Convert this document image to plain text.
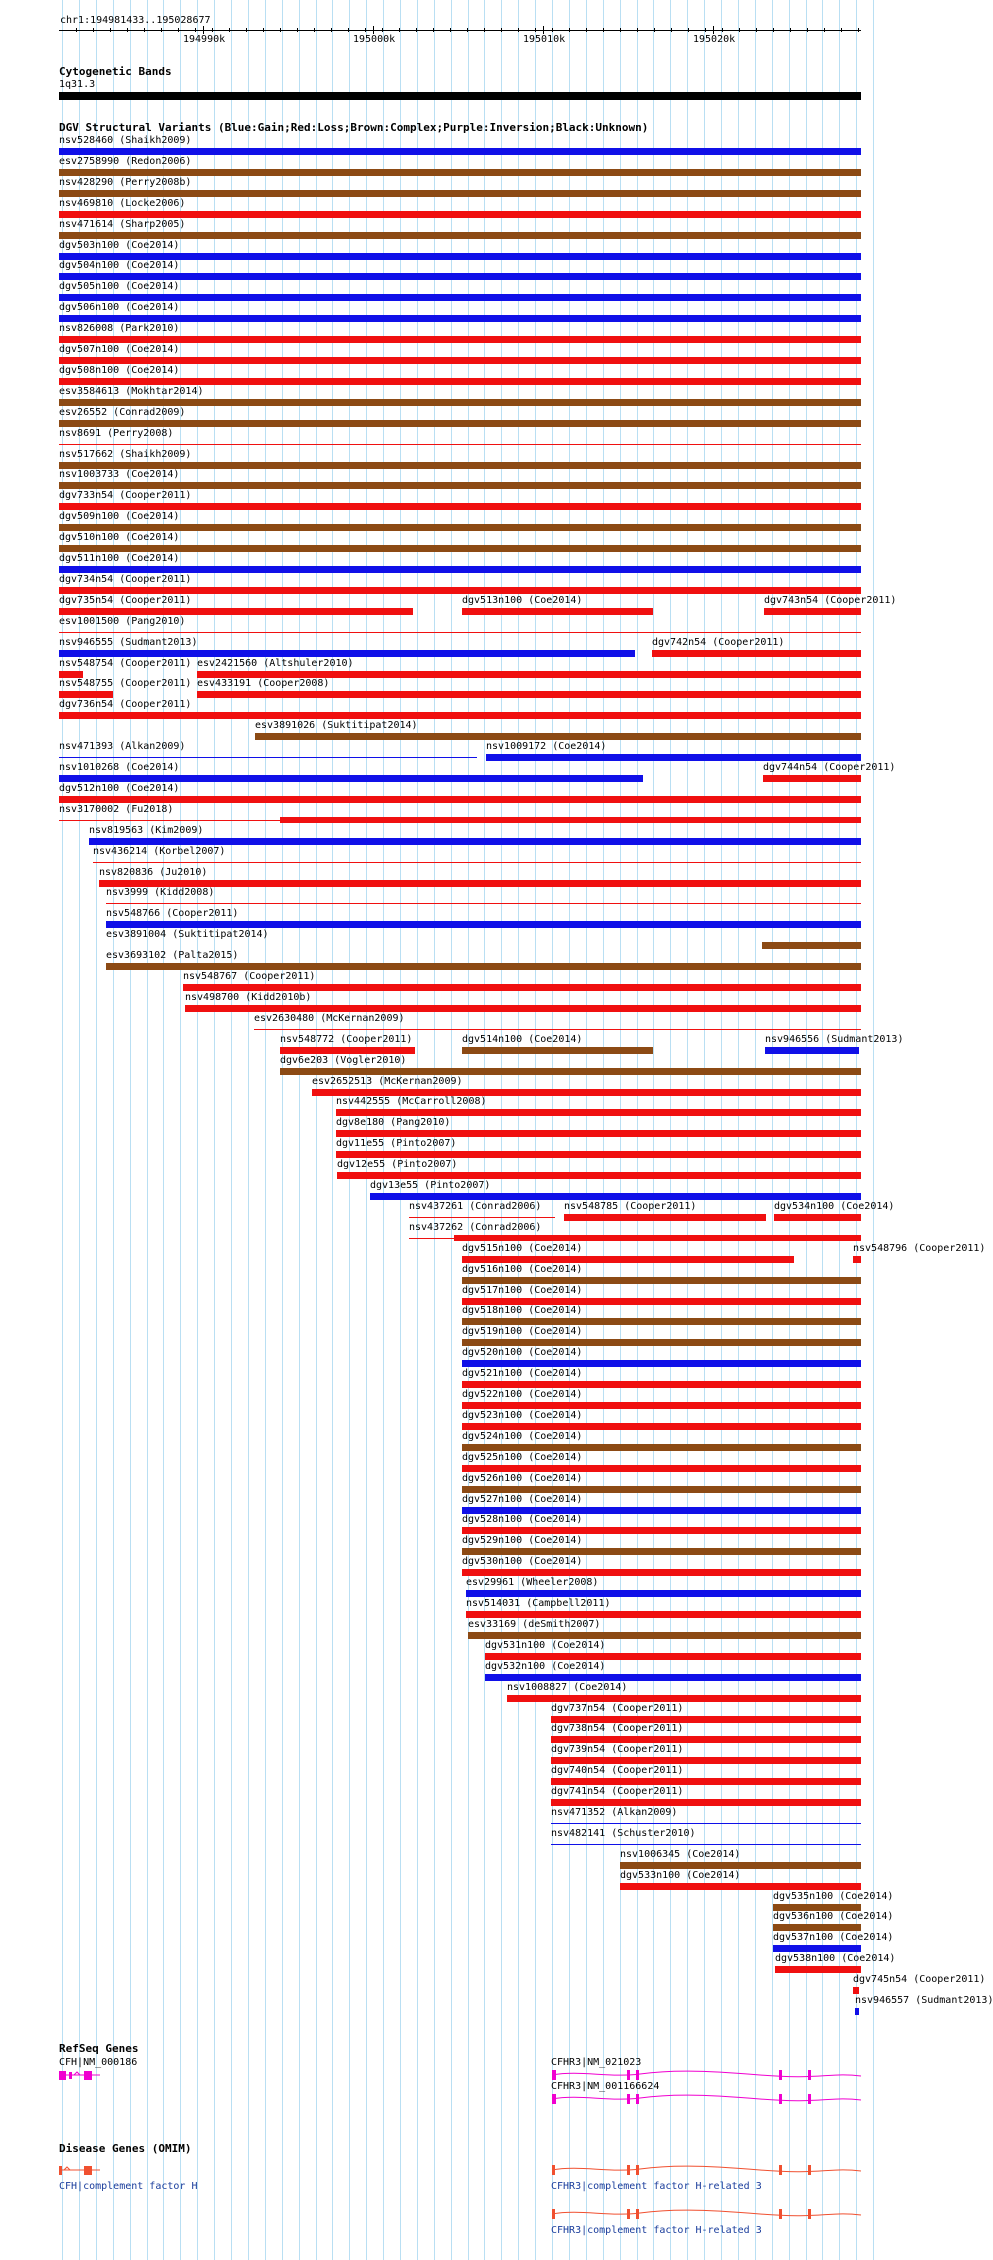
chr1:194981433..195028677
194990k	195000k	195010k	195020k
Cytogenetic Bands
1q31.3
DGV Structural Variants (Blue:Gain;Red:Loss;Brown:Complex;Purple:Inversion;Black:Unknown)
nsv528460 (Shaikh2009)
esv2758990 (Redon2006)
nsv428290 (Perry2008b)
nsv469810 (Locke2006)
nsv471614 (Sharp2005)
dgv503n100 (Coe2014)
dgv504n100 (Coe2014)
dgv505n100 (Coe2014)
dgv506n100 (Coe2014)
nsv826008 (Park2010)
dgv507n100 (Coe2014)
dgv508n100 (Coe2014)
esv3584613 (Mokhtar2014)
esv26552 (Conrad2009)
nsv8691 (Perry2008)
nsv517662 (Shaikh2009)
nsv1003733 (Coe2014)
dgv733n54 (Cooper2011)
dgv509n100 (Coe2014)
dgv510n100 (Coe2014)
dgv511n100 (Coe2014)
dgv734n54 (Cooper2011)
dgv735n54 (Cooper2011)	dgv513n100 (Coe2014)	dgv743n54 (Cooper2011)
esv1001500 (Pang2010)
nsv946555 (Sudmant2013)	dgv742n54 (Cooper2011)
nsv548754 (Cooper2011) esv2421560 (Altshuler2010)
nsv548755 (Cooper2011) esv433191 (Cooper2008)
dgv736n54 (Cooper2011)
esv3891026 (Suktitipat2014)
nsv471393 (Alkan2009)	nsv1009172 (Coe2014)
nsv1010268 (Coe2014)	dgv744n54 (Cooper2011)
dgv512n100 (Coe2014)
nsv3170002 (Fu2018)
nsv819563 (Kim2009)
nsv436214 (Korbel2007)
nsv820836 (Ju2010)
nsv3999 (Kidd2008)
nsv548766 (Cooper2011)
esv3891004 (Suktitipat2014)
esv3693102 (Palta2015)
nsv548767 (Cooper2011)
nsv498700 (Kidd2010b)
esv2630480 (McKernan2009)
nsv548772 (Cooper2011)	dgv514n100 (Coe2014)	nsv946556 (Sudmant2013)
dgv6e203 (Vogler2010)
esv2652513 (McKernan2009)
nsv442555 (McCarroll2008)
dgv8e180 (Pang2010)
dgv11e55 (Pinto2007)
dgv12e55 (Pinto2007)
dgv13e55 (Pinto2007)
nsv437261 (Conrad2006) nsv548785 (Cooper2011)	dgv534n100 (Coe2014)
nsv437262 (Conrad2006)
dgv515n100 (Coe2014)	nsv548796 (Cooper2011)
dgv516n100 (Coe2014)
dgv517n100 (Coe2014)
dgv518n100 (Coe2014)
dgv519n100 (Coe2014)
dgv520n100 (Coe2014)
dgv521n100 (Coe2014)
dgv522n100 (Coe2014)
dgv523n100 (Coe2014)
dgv524n100 (Coe2014)
dgv525n100 (Coe2014)
dgv526n100 (Coe2014)
dgv527n100 (Coe2014)
dgv528n100 (Coe2014)
dgv529n100 (Coe2014)
dgv530n100 (Coe2014)
esv29961 (Wheeler2008)
nsv514031 (Campbell2011)
esv33169 (deSmith2007)
dgv531n100 (Coe2014)
dgv532n100 (Coe2014)
nsv1008827 (Coe2014)
dgv737n54 (Cooper2011)
dgv738n54 (Cooper2011)
dgv739n54 (Cooper2011)
dgv740n54 (Cooper2011)
dgv741n54 (Cooper2011)
nsv471352 (Alkan2009)
nsv482141 (Schuster2010)
nsv1006345 (Coe2014)
dgv533n100 (Coe2014)
dgv535n100 (Coe2014)
dgv536n100 (Coe2014)
dgv537n100 (Coe2014)
dgv538n100 (Coe2014)
dgv745n54 (Cooper2011)
nsv946557 (Sudmant2013)
RefSeq Genes
CFH|NM_000186	CFHR3|NM_021023
CFHR3|NM_001166624
Disease Genes (OMIM)
CFH|complement factor H	CFHR3|complement factor H-related 3
CFHR3|complement factor H-related 3
